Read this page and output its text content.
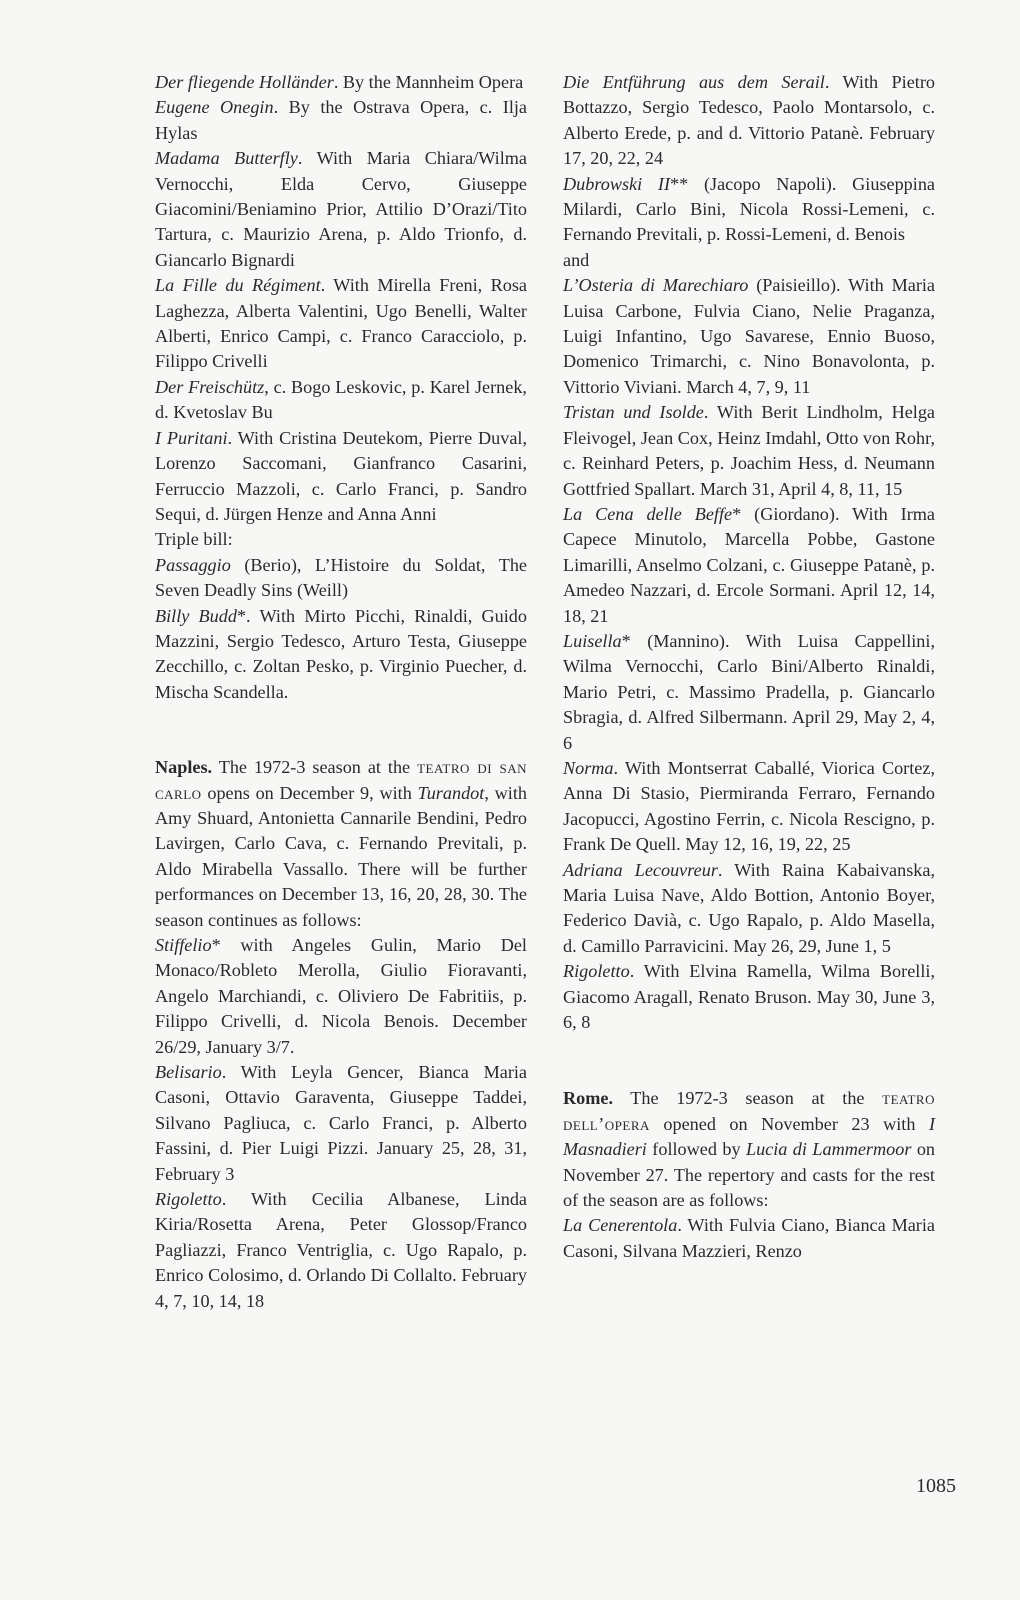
Der fliegende Holländer. By the Mannheim Opera

Eugene Onegin. By the Ostrava Opera, c. Ilja Hylas

Madama Butterfly. With Maria Chiara/Wilma Vernocchi, Elda Cervo, Giuseppe Giacomini/Beniamino Prior, Attilio D’Orazi/Tito Tartura, c. Maurizio Arena, p. Aldo Trionfo, d. Giancarlo Bignardi

La Fille du Régiment. With Mirella Freni, Rosa Laghezza, Alberta Valentini, Ugo Benelli, Walter Alberti, Enrico Campi, c. Franco Caracciolo, p. Filippo Crivelli

Der Freischütz, c. Bogo Leskovic, p. Karel Jernek, d. Kvetoslav Bu

I Puritani. With Cristina Deutekom, Pierre Duval, Lorenzo Saccomani, Gianfranco Casarini, Ferruccio Mazzoli, c. Carlo Franci, p. Sandro Sequi, d. Jürgen Henze and Anna Anni

Triple bill:

Passaggio (Berio), L’Histoire du Soldat, The Seven Deadly Sins (Weill)

Billy Budd*. With Mirto Picchi, Rinaldi, Guido Mazzini, Sergio Tedesco, Arturo Testa, Giuseppe Zecchillo, c. Zoltan Pesko, p. Virginio Puecher, d. Mischa Scandella.

Naples. The 1972-3 season at the teatro di san carlo opens on December 9, with Turandot, with Amy Shuard, Antonietta Cannarile Bendini, Pedro Lavirgen, Carlo Cava, c. Fernando Previtali, p. Aldo Mirabella Vassallo. There will be further performances on December 13, 16, 20, 28, 30. The season continues as follows:

Stiffelio* with Angeles Gulin, Mario Del Monaco/Robleto Merolla, Giulio Fioravanti, Angelo Marchiandi, c. Oliviero De Fabritiis, p. Filippo Crivelli, d. Nicola Benois. December 26/29, January 3/7.

Belisario. With Leyla Gencer, Bianca Maria Casoni, Ottavio Garaventa, Giuseppe Taddei, Silvano Pagliuca, c. Carlo Franci, p. Alberto Fassini, d. Pier Luigi Pizzi. January 25, 28, 31, February 3

Rigoletto. With Cecilia Albanese, Linda Kiria/Rosetta Arena, Peter Glossop/Franco Pagliazzi, Franco Ventriglia, c. Ugo Rapalo, p. Enrico Colosimo, d. Orlando Di Collalto. February 4, 7, 10, 14, 18

Die Entführung aus dem Serail. With Pietro Bottazzo, Sergio Tedesco, Paolo Montarsolo, c. Alberto Erede, p. and d. Vittorio Patanè. February 17, 20, 22, 24

Dubrowski II** (Jacopo Napoli). Giuseppina Milardi, Carlo Bini, Nicola Rossi-Lemeni, c. Fernando Previtali, p. Rossi-Lemeni, d. Benois

and

L’Osteria di Marechiaro (Paisieillo). With Maria Luisa Carbone, Fulvia Ciano, Nelie Praganza, Luigi Infantino, Ugo Savarese, Ennio Buoso, Domenico Trimarchi, c. Nino Bonavolonta, p. Vittorio Viviani. March 4, 7, 9, 11

Tristan und Isolde. With Berit Lindholm, Helga Fleivogel, Jean Cox, Heinz Imdahl, Otto von Rohr, c. Reinhard Peters, p. Joachim Hess, d. Neumann Gottfried Spallart. March 31, April 4, 8, 11, 15

La Cena delle Beffe* (Giordano). With Irma Capece Minutolo, Marcella Pobbe, Gastone Limarilli, Anselmo Colzani, c. Giuseppe Patanè, p. Amedeo Nazzari, d. Ercole Sormani. April 12, 14, 18, 21

Luisella* (Mannino). With Luisa Cappellini, Wilma Vernocchi, Carlo Bini/Alberto Rinaldi, Mario Petri, c. Massimo Pradella, p. Giancarlo Sbragia, d. Alfred Silbermann. April 29, May 2, 4, 6

Norma. With Montserrat Caballé, Viorica Cortez, Anna Di Stasio, Piermiranda Ferraro, Fernando Jacopucci, Agostino Ferrin, c. Nicola Rescigno, p. Frank De Quell. May 12, 16, 19, 22, 25

Adriana Lecouvreur. With Raina Kabaivanska, Maria Luisa Nave, Aldo Bottion, Antonio Boyer, Federico Davià, c. Ugo Rapalo, p. Aldo Masella, d. Camillo Parravicini. May 26, 29, June 1, 5

Rigoletto. With Elvina Ramella, Wilma Borelli, Giacomo Aragall, Renato Bruson. May 30, June 3, 6, 8

Rome. The 1972-3 season at the teatro dell’opera opened on November 23 with I Masnadieri followed by Lucia di Lammermoor on November 27. The repertory and casts for the rest of the season are as follows:

La Cenerentola. With Fulvia Ciano, Bianca Maria Casoni, Silvana Mazzieri, Renzo

1085
